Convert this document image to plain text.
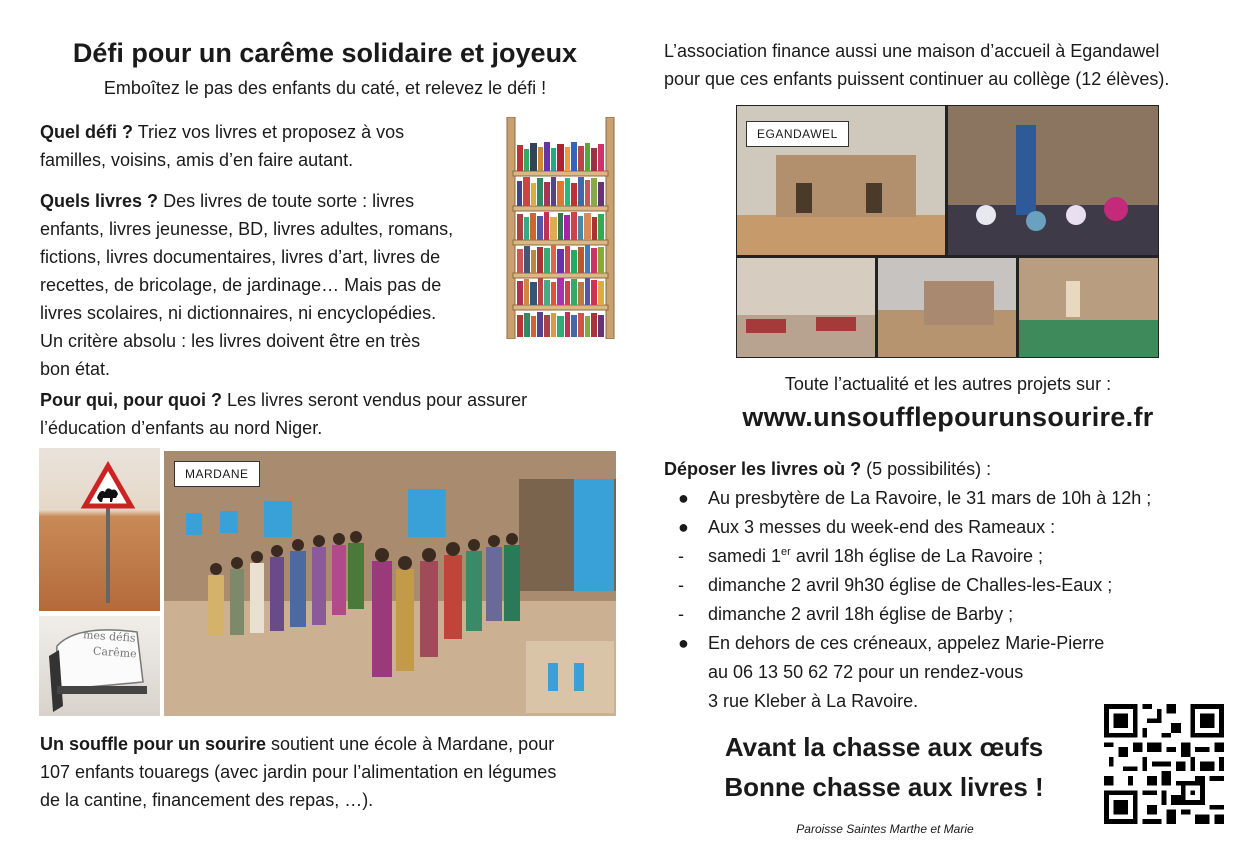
Défi pour un carême solidaire et joyeux
Emboîtez le pas des enfants du caté, et relevez le défi !
Quel défi ? Triez vos livres et proposez à vos
familles, voisins, amis d’en faire autant.
Quels livres ? Des livres de toute sorte : livres
enfants, livres jeunesse, BD, livres adultes, romans,
fictions, livres documentaires, livres d’art, livres de
recettes, de bricolage, de jardinage… Mais pas de
livres scolaires, ni dictionnaires, ni encyclopédies.
Un critère absolu : les livres doivent être en très
bon état.
Pour qui, pour quoi ? Les livres seront vendus pour assurer
l’éducation d’enfants au nord Niger.
mes défis
Carême
MARDANE
Un souffle pour un sourire soutient une école à Mardane, pour
107 enfants touaregs (avec jardin pour l’alimentation en légumes
de la cantine, financement des repas, …).
L’association finance aussi une maison d’accueil à Egandawel
pour que ces enfants puissent continuer au collège (12 élèves).
EGANDAWEL
Toute l’actualité et les autres projets sur :
www.unsoufflepourunsourire.fr
Déposer les livres où ? (5 possibilités) :
●	Au presbytère de La Ravoire, le 31 mars de 10h à 12h ;
●	Aux 3 messes du week-end des Rameaux :
-	samedi 1er avril 18h église de La Ravoire ;
-	dimanche 2 avril 9h30 église de Challes-les-Eaux ;
-	dimanche 2 avril 18h église de Barby ;
●	En dehors de ces créneaux, appelez Marie-Pierre
au 06 13 50 62 72 pour un rendez-vous
3 rue Kleber à La Ravoire.
Avant la chasse aux œufs
Bonne chasse aux livres !
Paroisse Saintes Marthe et Marie
